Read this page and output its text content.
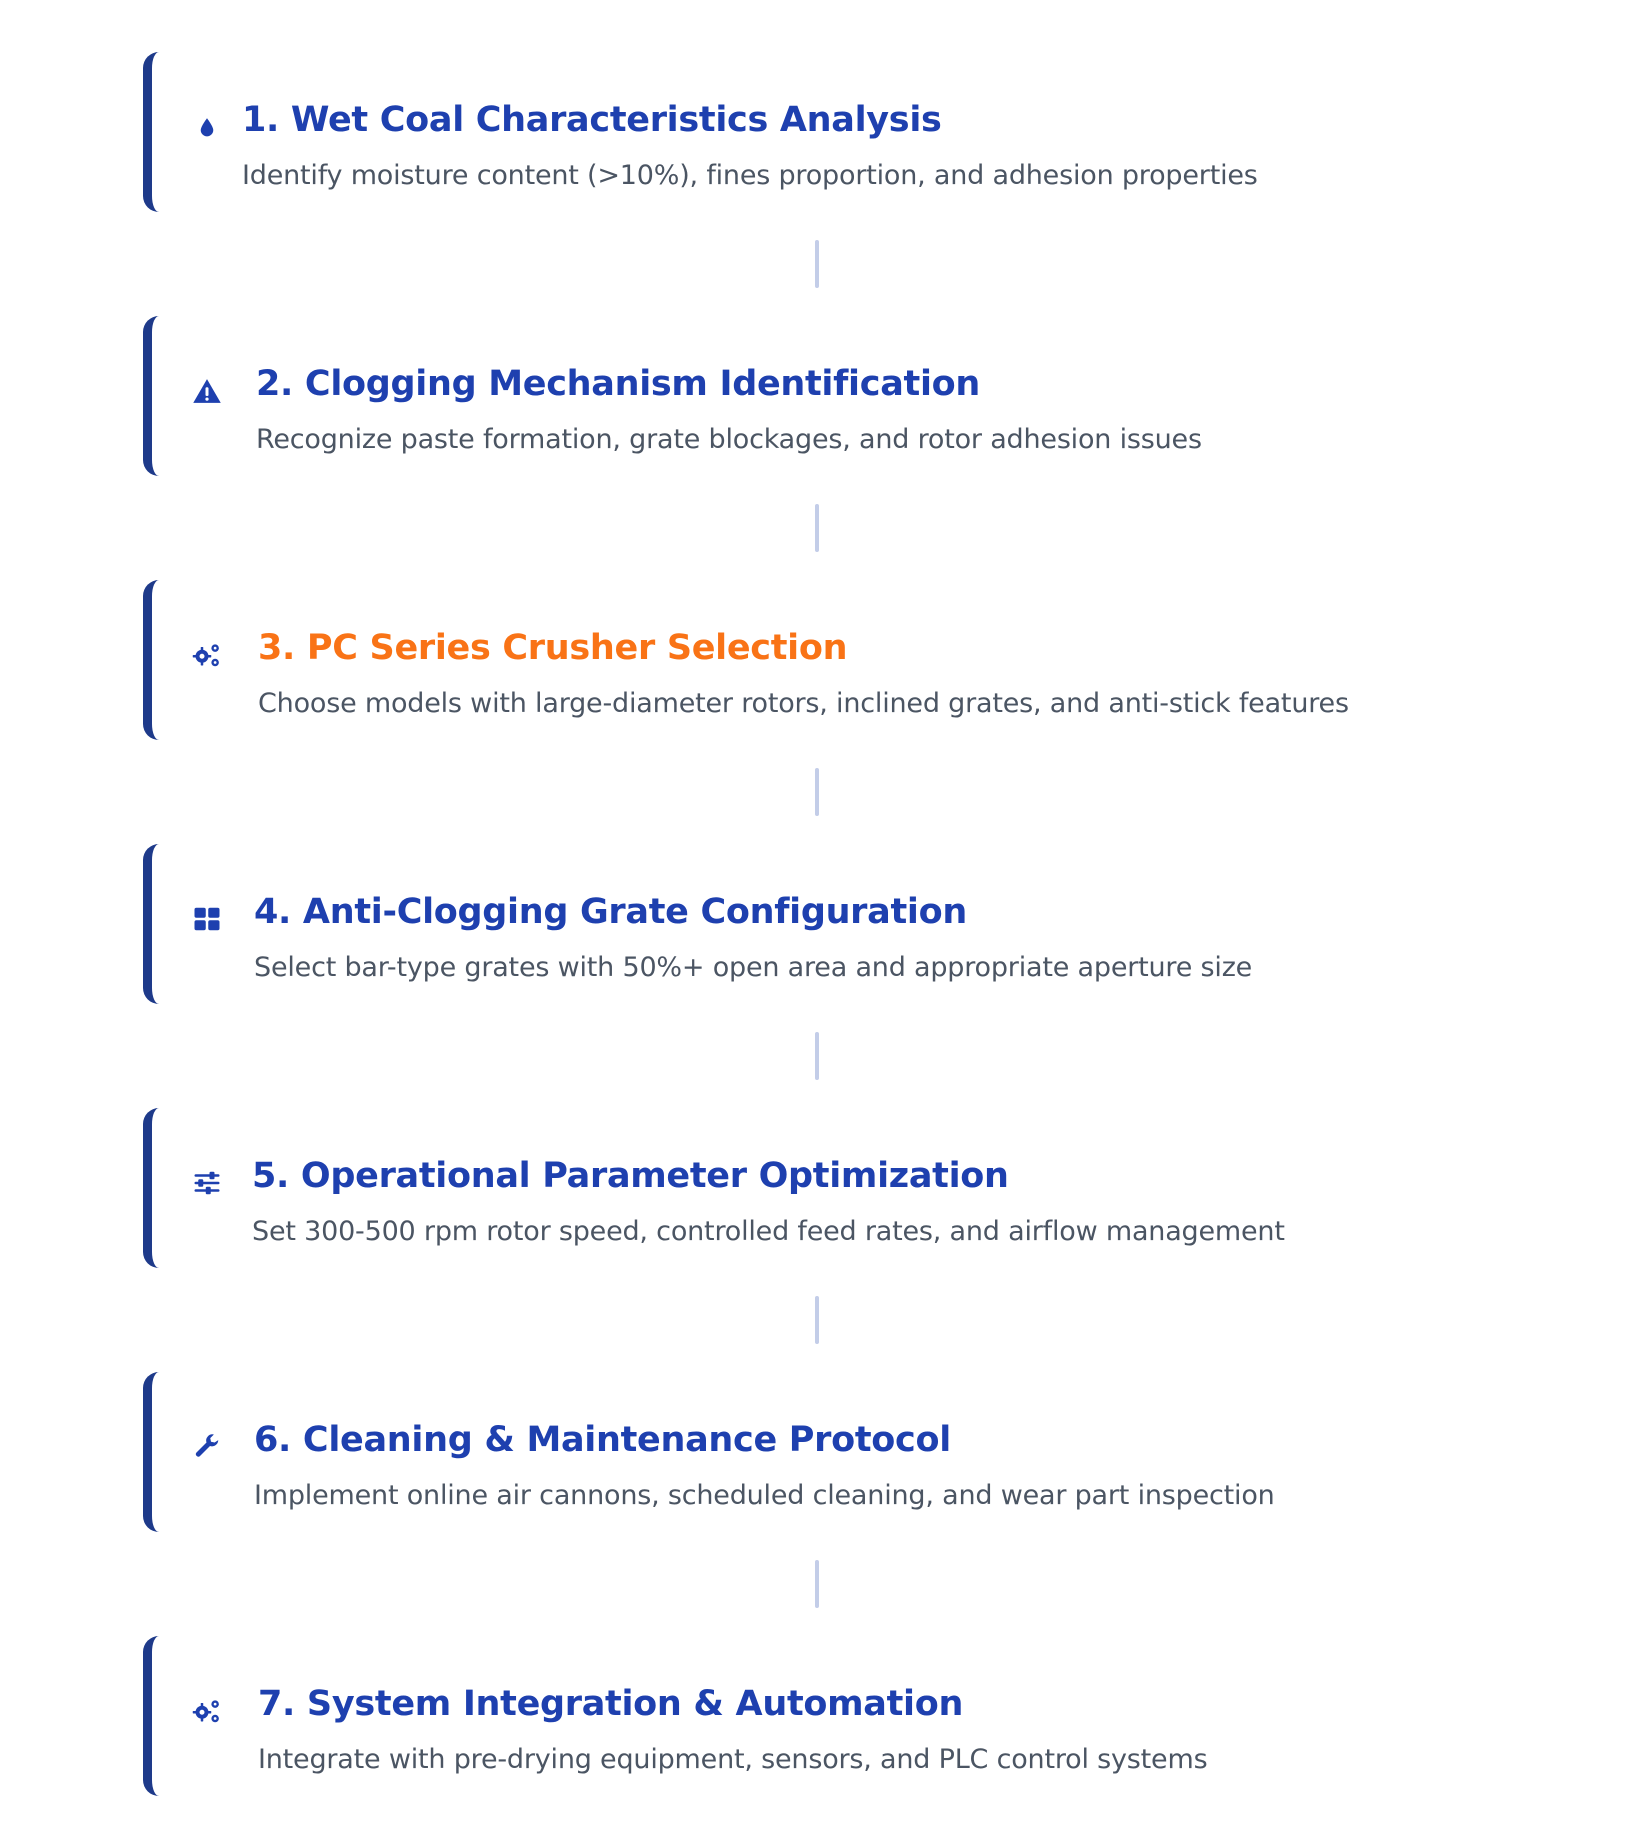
1. Wet Coal Characteristics Analysis
Identify moisture content (>10%), fines proportion, and adhesion properties
2. Clogging Mechanism Identification
Recognize paste formation, grate blockages, and rotor adhesion issues
3. PC Series Crusher Selection
Choose models with large-diameter rotors, inclined grates, and anti-stick features
4. Anti-Clogging Grate Configuration
Select bar-type grates with 50%+ open area and appropriate aperture size
5. Operational Parameter Optimization
Set 300-500 rpm rotor speed, controlled feed rates, and airflow management
6. Cleaning & Maintenance Protocol
Implement online air cannons, scheduled cleaning, and wear part inspection
7. System Integration & Automation
Integrate with pre-drying equipment, sensors, and PLC control systems
